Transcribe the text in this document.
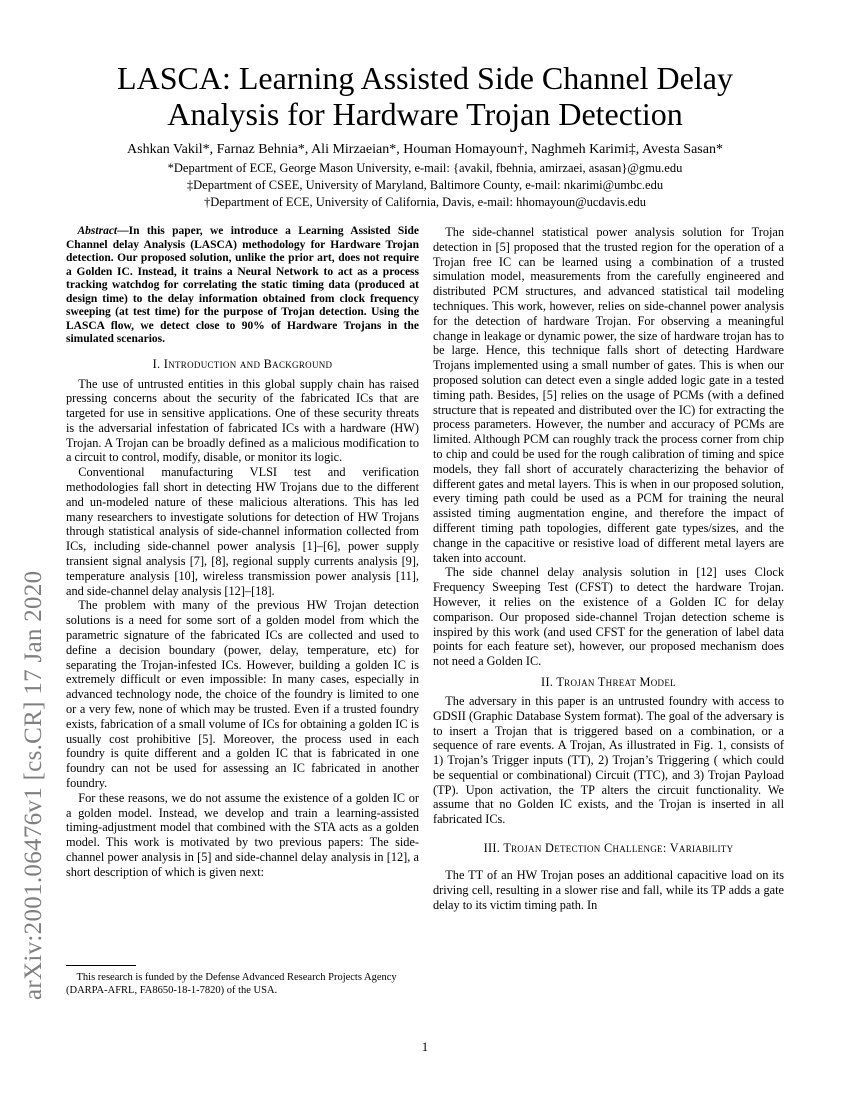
arXiv:2001.06476v1 [cs.CR] 17 Jan 2020
LASCA: Learning Assisted Side Channel Delay
Analysis for Hardware Trojan Detection
Ashkan Vakil*, Farnaz Behnia*, Ali Mirzaeian*, Houman Homayoun†, Naghmeh Karimi‡, Avesta Sasan*
*Department of ECE, George Mason University, e-mail: {avakil, fbehnia, amirzaei, asasan}@gmu.edu
‡Department of CSEE, University of Maryland, Baltimore County, e-mail: nkarimi@umbc.edu
†Department of ECE, University of California, Davis, e-mail: hhomayoun@ucdavis.edu

Abstract—In this paper, we introduce a Learning Assisted Side Channel delay Analysis (LASCA) methodology for Hardware Trojan detection. Our proposed solution, unlike the prior art, does not require a Golden IC. Instead, it trains a Neural Network to act as a process tracking watchdog for correlating the static timing data (produced at design time) to the delay information obtained from clock frequency sweeping (at test time) for the purpose of Trojan detection. Using the LASCA flow, we detect close to 90% of Hardware Trojans in the simulated scenarios.

I. Introduction and Background

The use of untrusted entities in this global supply chain has raised pressing concerns about the security of the fabricated ICs that are targeted for use in sensitive applications. One of these security threats is the adversarial infestation of fabricated ICs with a hardware (HW) Trojan. A Trojan can be broadly defined as a malicious modification to a circuit to control, modify, disable, or monitor its logic.

Conventional manufacturing VLSI test and verification methodologies fall short in detecting HW Trojans due to the different and un-modeled nature of these malicious alterations. This has led many researchers to investigate solutions for detection of HW Trojans through statistical analysis of side-channel information collected from ICs, including side-channel power analysis [1]–[6], power supply transient signal analysis [7], [8], regional supply currents analysis [9], temperature analysis [10], wireless transmission power analysis [11], and side-channel delay analysis [12]–[18].

The problem with many of the previous HW Trojan detection solutions is a need for some sort of a golden model from which the parametric signature of the fabricated ICs are collected and used to define a decision boundary (power, delay, temperature, etc) for separating the Trojan-infested ICs. However, building a golden IC is extremely difficult or even impossible: In many cases, especially in advanced technology node, the choice of the foundry is limited to one or a very few, none of which may be trusted. Even if a trusted foundry exists, fabrication of a small volume of ICs for obtaining a golden IC is usually cost prohibitive [5]. Moreover, the process used in each foundry is quite different and a golden IC that is fabricated in one foundry can not be used for assessing an IC fabricated in another foundry.

For these reasons, we do not assume the existence of a golden IC or a golden model. Instead, we develop and train a learning-assisted timing-adjustment model that combined with the STA acts as a golden model. This work is motivated by two previous papers: The side-channel power analysis in [5] and side-channel delay analysis in [12], a short description of which is given next:

This research is funded by the Defense Advanced Research Projects Agency (DARPA-AFRL, FA8650-18-1-7820) of the USA.

The side-channel statistical power analysis solution for Trojan detection in [5] proposed that the trusted region for the operation of a Trojan free IC can be learned using a combination of a trusted simulation model, measurements from the carefully engineered and distributed PCM structures, and advanced statistical tail modeling techniques. This work, however, relies on side-channel power analysis for the detection of hardware Trojan. For observing a meaningful change in leakage or dynamic power, the size of hardware trojan has to be large. Hence, this technique falls short of detecting Hardware Trojans implemented using a small number of gates. This is when our proposed solution can detect even a single added logic gate in a tested timing path. Besides, [5] relies on the usage of PCMs (with a defined structure that is repeated and distributed over the IC) for extracting the process parameters. However, the number and accuracy of PCMs are limited. Although PCM can roughly track the process corner from chip to chip and could be used for the rough calibration of timing and spice models, they fall short of accurately characterizing the behavior of different gates and metal layers. This is when in our proposed solution, every timing path could be used as a PCM for training the neural assisted timing augmentation engine, and therefore the impact of different timing path topologies, different gate types/sizes, and the change in the capacitive or resistive load of different metal layers are taken into account.

The side channel delay analysis solution in [12] uses Clock Frequency Sweeping Test (CFST) to detect the hardware Trojan. However, it relies on the existence of a Golden IC for delay comparison. Our proposed side-channel Trojan detection scheme is inspired by this work (and used CFST for the generation of label data points for each feature set), however, our proposed mechanism does not need a Golden IC.

II. Trojan Threat Model

The adversary in this paper is an untrusted foundry with access to GDSII (Graphic Database System format). The goal of the adversary is to insert a Trojan that is triggered based on a combination, or a sequence of rare events. A Trojan, As illustrated in Fig. 1, consists of 1) Trojan’s Trigger inputs (TT), 2) Trojan’s Triggering ( which could be sequential or combinational) Circuit (TTC), and 3) Trojan Payload (TP). Upon activation, the TP alters the circuit functionality. We assume that no Golden IC exists, and the Trojan is inserted in all fabricated ICs.

III. Trojan Detection Challenge: Variability

The TT of an HW Trojan poses an additional capacitive load on its driving cell, resulting in a slower rise and fall, while its TP adds a gate delay to its victim timing path. In

1
